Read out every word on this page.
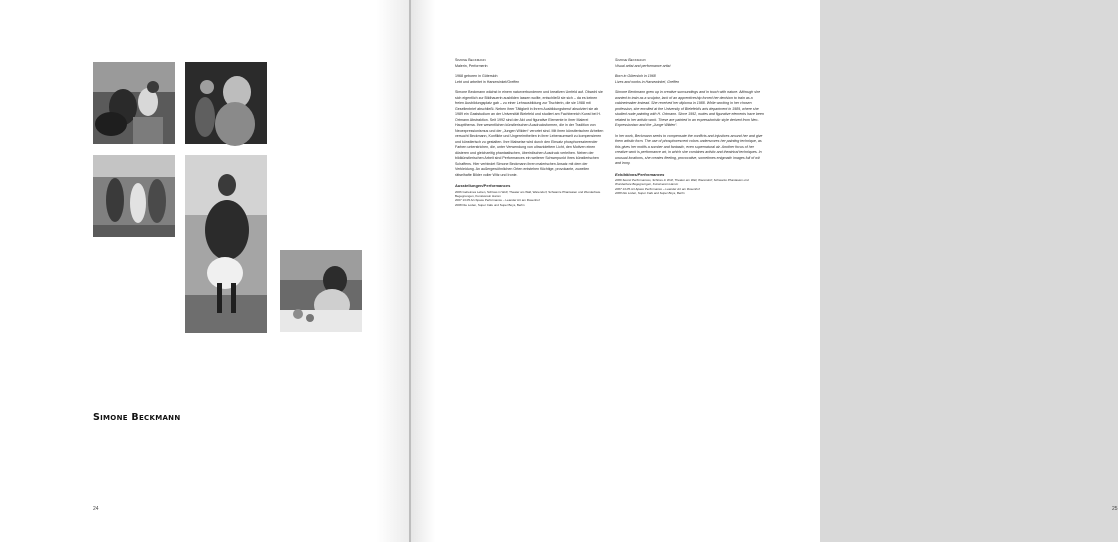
Simone Beckmann
24	25
Simone Beckmann
Malerin, Performerin
1968 geboren in Gütersloh
Lebt und arbeitet in Harsewinkel/Greffen

Simone Beckmann wächst in einem naturverbundenen und kreativen Umfeld auf. Obwohl sie sich eigentlich zur Bildhauerin ausbilden lassen wollte, entschließt sie sich – da es keinen freien Ausbildungsplatz gab – zu einer Lehrausbildung zur Tischlerin, die sie 1988 mit Gesellenbrief abschließt. Neben ihrer Tätigkeit in ihrem Ausbildungsberuf absolviert sie ab 1989 ein Gaststudium an der Universität Bielefeld und studiert am Fachbereich Kunst bei H. Ortmann Abstraktion. Seit 1992 sind der Akt und figurative Elemente in ihrer Malerei Hauptthema. Ihre wesentlichen künstlerischen Ausdrucksformen, die in der Tradition von Neoexpressionismus und der „Jungen Wilden“ verortet sind. Mit ihren künstlerischen Arbeiten versucht Beckmann, Konflikte und Ungereimtheiten in ihrer Lebensumwelt zu kompensieren und künstlerisch zu gestalten. Ihre Malweise wird durch den Einsatz phosphoreszierender Farben unterstrichen, die, unter Verwendung von ultraviolettem Licht, den Motiven einen düsteren und gleichzeitig phantastischen, überirdischen Ausdruck verleihen. Neben der bildkünstlerischen Arbeit sind Performances ein weiterer Schwerpunkt ihres künstlerischen Schaffens. Hier verbindet Simone Beckmann ihren malerischen Ansatz mit dem der Verkleidung. An außergewöhnlichen Orten entstehen flüchtige, provokante, zuweilen rätselhafte Bilder voller Witz und Ironie.

Ausstellungen/Performances
2006 Geheimes Leben, Schloss in Wolf, Theater am Wall, Warendorf, Schwarze Phantasien und Wunderbare Begegnungen, Kunstverein Hamm
2007 13.05 Art-Space Performance – Leander Art am Rosenhof
2008 Die Loden, Super Cafe und Super Boys, Berlin
Simone Beckmann
Visual artist and performance artist
Born in Gütersloh in 1968
Lives and works in Harsewinkel, Greffen

Simone Beckmann grew up in creative surroundings and in touch with nature. Although she wanted to train as a sculptor, lack of an apprenticeship forced her decision to train as a cabinetmaker instead. She received her diploma in 1988. While working in her chosen profession, she enrolled at the University of Bielefeld's arts department in 1989, where she studied nude painting with H. Ortmann. Since 1992, nudes and figurative elements have been related to her artistic work. These are painted in an expressionistic style derived from Neo-Expressionism and the „Junge Wilden“.

In her work, Beckmann seeks to compensate the conflicts and injustices around her and give them artistic form. The use of phosphorescent colors underscores her painting technique, as this gives her motifs a somber and fantastic, even supernatural air. Another focus of her creative work is performance art, in which she combines artistic and theatrical techniques. In unusual locations, she creates fleeting, provocative, sometimes enigmatic images full of wit and irony.

Exhibitions/Performances
2006 Secret Performances, Schloss in Wolf, Theater am Wall, Warendorf, Schwarze Phantasien und Wunderbare Begegnungen, Kunstverein Hamm
2007 13.05 Art-Space Performance – Leander Art am Rosenhof
2008 Die Loden, Super Cafe and Super Boys, Berlin
